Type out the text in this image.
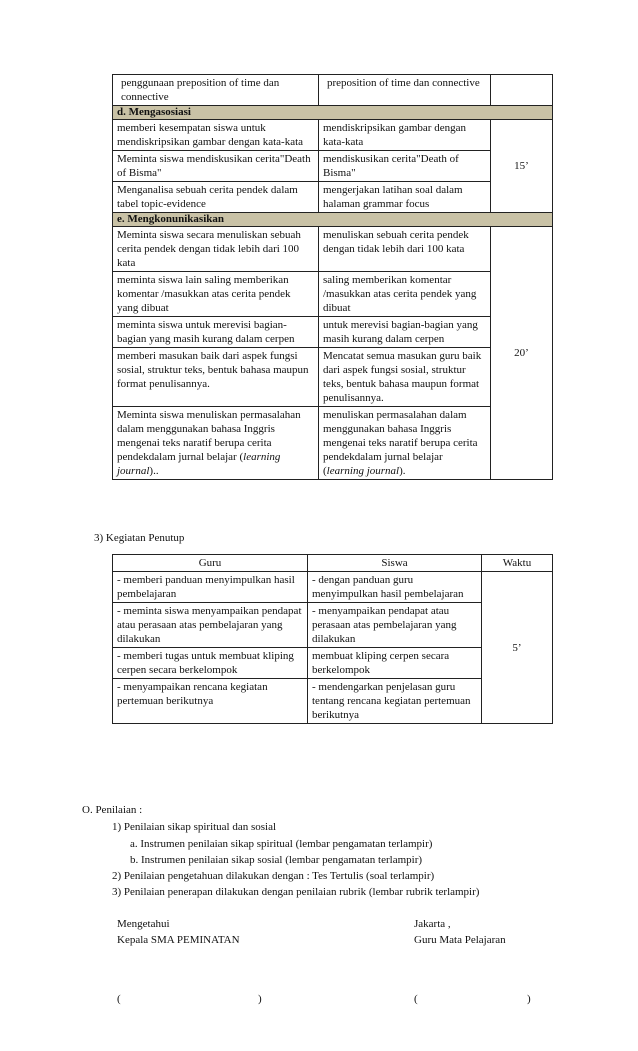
penggunaan preposition of time dan connective	preposition of time dan connective	
d. Mengasosiasi		
memberi kesempatan siswa untuk mendiskripsikan gambar dengan kata-kata	mendiskripsikan gambar dengan kata-kata	15’
Meminta siswa mendiskusikan cerita"Death of Bisma"	mendiskusikan cerita"Death of Bisma"	
Menganalisa sebuah cerita pendek dalam tabel topic-evidence	mengerjakan latihan soal dalam halaman grammar focus	
e. Mengkonunikasikan		
Meminta siswa secara menuliskan sebuah cerita pendek dengan tidak lebih dari 100 kata	menuliskan sebuah cerita pendek dengan tidak lebih dari 100 kata	20’
meminta siswa lain saling memberikan komentar /masukkan atas cerita pendek yang dibuat	saling memberikan komentar /masukkan atas cerita pendek yang dibuat	
meminta siswa untuk merevisi bagian-bagian yang masih kurang dalam cerpen	untuk merevisi bagian-bagian yang masih kurang dalam cerpen	
memberi masukan baik dari aspek fungsi sosial, struktur teks, bentuk bahasa maupun format penulisannya.	Mencatat semua masukan guru baik dari aspek fungsi sosial, struktur teks, bentuk bahasa maupun format penulisannya.	
Meminta siswa menuliskan permasalahan dalam menggunakan bahasa Inggris mengenai teks naratif berupa cerita pendekdalam jurnal belajar (learning journal)..	menuliskan permasalahan dalam menggunakan bahasa Inggris mengenai teks naratif berupa cerita pendekdalam jurnal belajar (learning journal).	
3) Kegiatan Penutup
Guru	Siswa	Waktu
- memberi panduan menyimpulkan hasil pembelajaran	- dengan panduan guru menyimpulkan hasil pembelajaran	5’
- meminta siswa menyampaikan pendapat atau perasaan atas pembelajaran yang dilakukan	- menyampaikan pendapat atau perasaan atas pembelajaran yang dilakukan	
- memberi tugas untuk membuat kliping cerpen secara berkelompok	membuat kliping cerpen secara berkelompok	
- menyampaikan rencana kegiatan pertemuan berikutnya	- mendengarkan penjelasan guru tentang rencana kegiatan pertemuan berikutnya	
O. Penilaian :
1) Penilaian sikap spiritual dan sosial
a. Instrumen penilaian sikap spiritual (lembar pengamatan terlampir)
b. Instrumen penilaian sikap sosial (lembar pengamatan terlampir)
2) Penilaian pengetahuan dilakukan dengan : Tes Tertulis (soal terlampir)
3) Penilaian penerapan dilakukan dengan penilaian rubrik (lembar rubrik terlampir)
Mengetahui
Kepala SMA PEMINATAN
Jakarta ,
Guru Mata Pelajaran
(	)	(	)
